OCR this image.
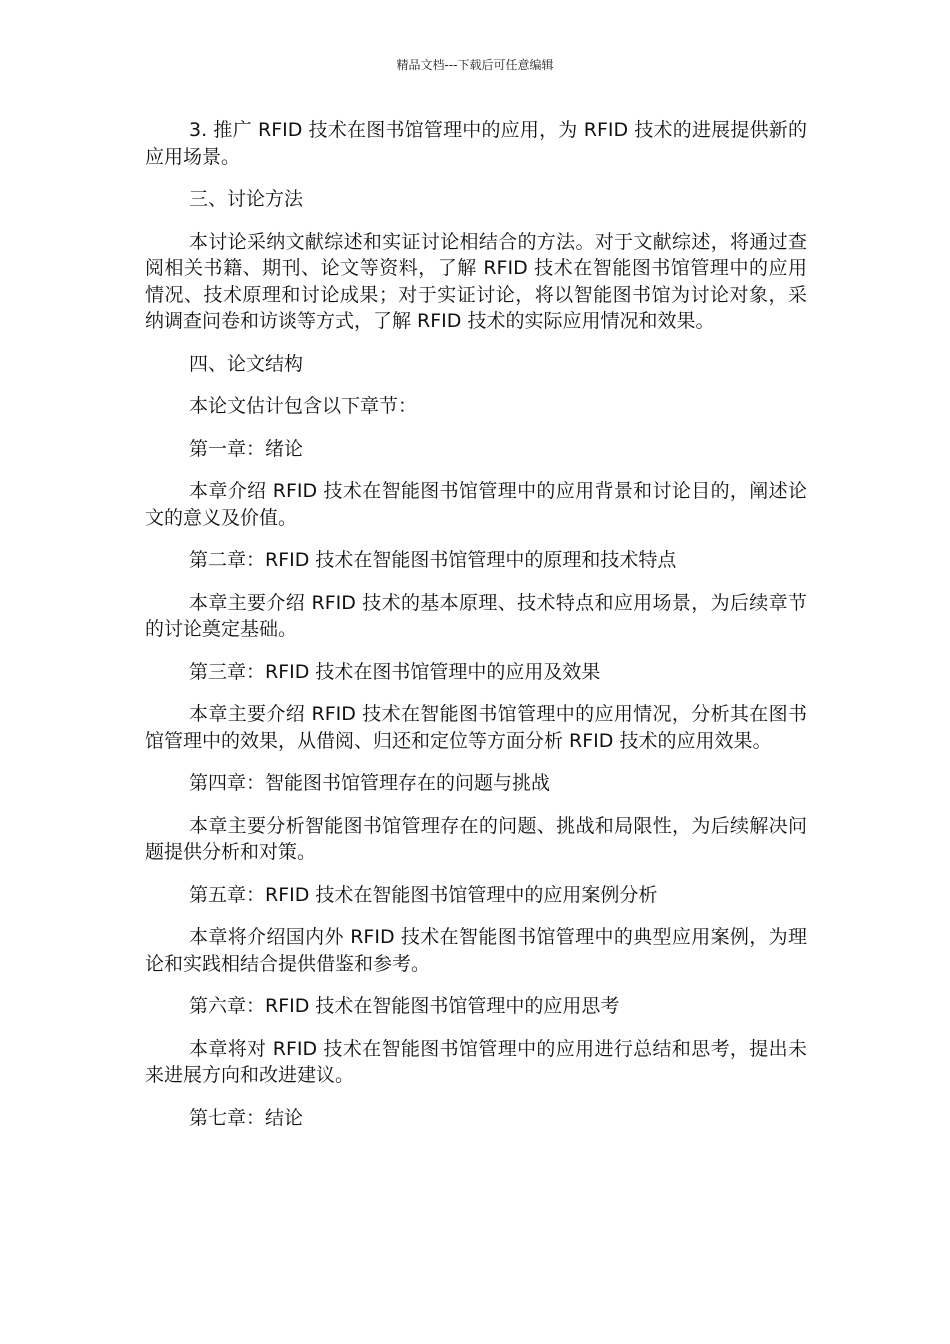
精品文档---下载后可任意编辑

3. 推广 RFID 技术在图书馆管理中的应用，为 RFID 技术的进展提供新的应用场景。

三、讨论方法

本讨论采纳文献综述和实证讨论相结合的方法。对于文献综述，将通过查阅相关书籍、期刊、论文等资料，了解 RFID 技术在智能图书馆管理中的应用情况、技术原理和讨论成果；对于实证讨论，将以智能图书馆为讨论对象，采纳调查问卷和访谈等方式，了解 RFID 技术的实际应用情况和效果。

四、论文结构

本论文估计包含以下章节：

第一章：绪论

本章介绍 RFID 技术在智能图书馆管理中的应用背景和讨论目的，阐述论文的意义及价值。

第二章：RFID 技术在智能图书馆管理中的原理和技术特点

本章主要介绍 RFID 技术的基本原理、技术特点和应用场景，为后续章节的讨论奠定基础。

第三章：RFID 技术在图书馆管理中的应用及效果

本章主要介绍 RFID 技术在智能图书馆管理中的应用情况，分析其在图书馆管理中的效果，从借阅、归还和定位等方面分析 RFID 技术的应用效果。

第四章：智能图书馆管理存在的问题与挑战

本章主要分析智能图书馆管理存在的问题、挑战和局限性，为后续解决问题提供分析和对策。

第五章：RFID 技术在智能图书馆管理中的应用案例分析

本章将介绍国内外 RFID 技术在智能图书馆管理中的典型应用案例，为理论和实践相结合提供借鉴和参考。

第六章：RFID 技术在智能图书馆管理中的应用思考

本章将对 RFID 技术在智能图书馆管理中的应用进行总结和思考，提出未来进展方向和改进建议。

第七章：结论
